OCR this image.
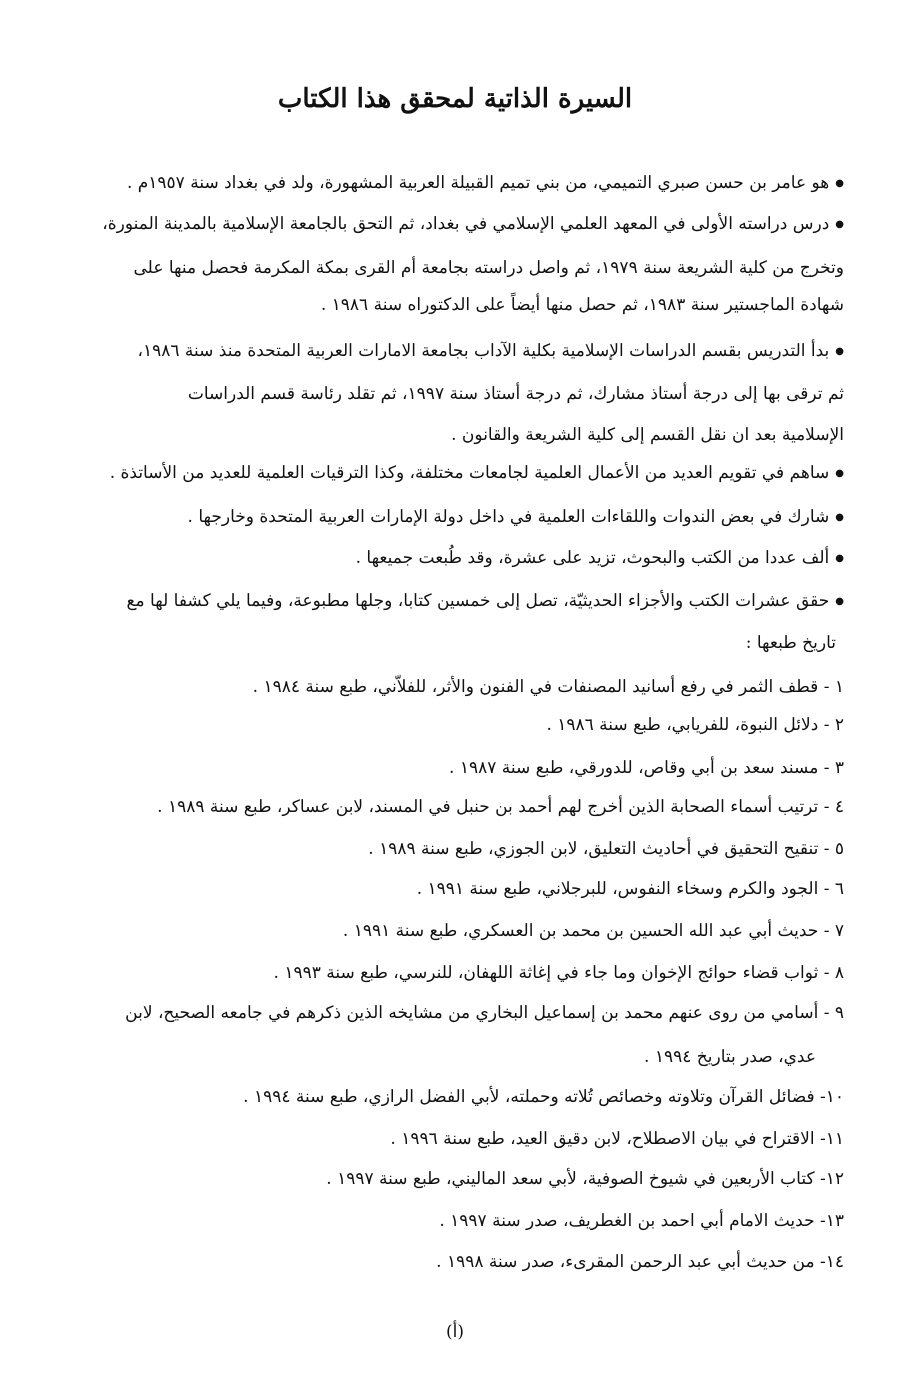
السيرة الذاتية لمحقق هذا الكتاب
● هو عامر بن حسن صبري التميمي، من بني تميم القبيلة العربية المشهورة، ولد في بغداد سنة ١٩٥٧م .
● درس دراسته الأولى في المعهد العلمي الإسلامي في بغداد، ثم التحق بالجامعة الإسلامية بالمدينة المنورة،
وتخرج من كلية الشريعة سنة ١٩٧٩، ثم واصل دراسته بجامعة أم القرى بمكة المكرمة فحصل منها على
شهادة الماجستير سنة ١٩٨٣، ثم حصل منها أيضاً على الدكتوراه سنة ١٩٨٦ .
● بدأ التدريس بقسم الدراسات الإسلامية بكلية الآداب بجامعة الامارات العربية المتحدة منذ سنة ١٩٨٦،
ثم ترقى بها إلى درجة أستاذ مشارك، ثم درجة أستاذ سنة ١٩٩٧، ثم تقلد رئاسة قسم الدراسات
الإسلامية بعد ان نقل القسم إلى كلية الشريعة والقانون .
● ساهم في تقويم العديد من الأعمال العلمية لجامعات مختلفة، وكذا الترقيات العلمية للعديد من الأساتذة .
● شارك في بعض الندوات واللقاءات العلمية في داخل دولة الإمارات العربية المتحدة وخارجها .
● ألف عددا من الكتب والبحوث، تزيد على عشرة، وقد طُبعت جميعها .
● حقق عشرات الكتب والأجزاء الحديثيّة، تصل إلى خمسين كتابا، وجلها مطبوعة، وفيما يلي كشفا لها مع
تاريخ طبعها :
١ - قطف الثمر في رفع أسانيد المصنفات في الفنون والأثر، للفلاّني، طبع سنة ١٩٨٤ .
٢ - دلائل النبوة، للفريابي، طبع سنة ١٩٨٦ .
٣ - مسند سعد بن أبي وقاص، للدورقي، طبع سنة ١٩٨٧ .
٤ - ترتيب أسماء الصحابة الذين أخرج لهم أحمد بن حنبل في المسند، لابن عساكر، طبع سنة ١٩٨٩ .
٥ - تنقيح التحقيق في أحاديث التعليق، لابن الجوزي، طبع سنة ١٩٨٩ .
٦ - الجود والكرم وسخاء النفوس، للبرجلاني، طبع سنة ١٩٩١ .
٧ - حديث أبي عبد الله الحسين بن محمد بن العسكري، طبع سنة ١٩٩١ .
٨ - ثواب قضاء حوائج الإخوان وما جاء في إغاثة اللهفان، للنرسي، طبع سنة ١٩٩٣ .
٩ - أسامي من روى عنهم محمد بن إسماعيل البخاري من مشايخه الذين ذكرهم في جامعه الصحيح، لابن
عدي، صدر بتاريخ ١٩٩٤ .
١٠- فضائل القرآن وتلاوته وخصائص تُلاته وحملته، لأبي الفضل الرازي، طبع سنة ١٩٩٤ .
١١- الاقتراح في بيان الاصطلاح، لابن دقيق العيد، طبع سنة ١٩٩٦ .
١٢- كتاب الأربعين في شيوخ الصوفية، لأبي سعد الماليني، طبع سنة ١٩٩٧ .
١٣- حديث الامام أبي احمد بن الغطريف، صدر سنة ١٩٩٧ .
١٤- من حديث أبي عبد الرحمن المقرىء، صدر سنة ١٩٩٨ .
(أ)
